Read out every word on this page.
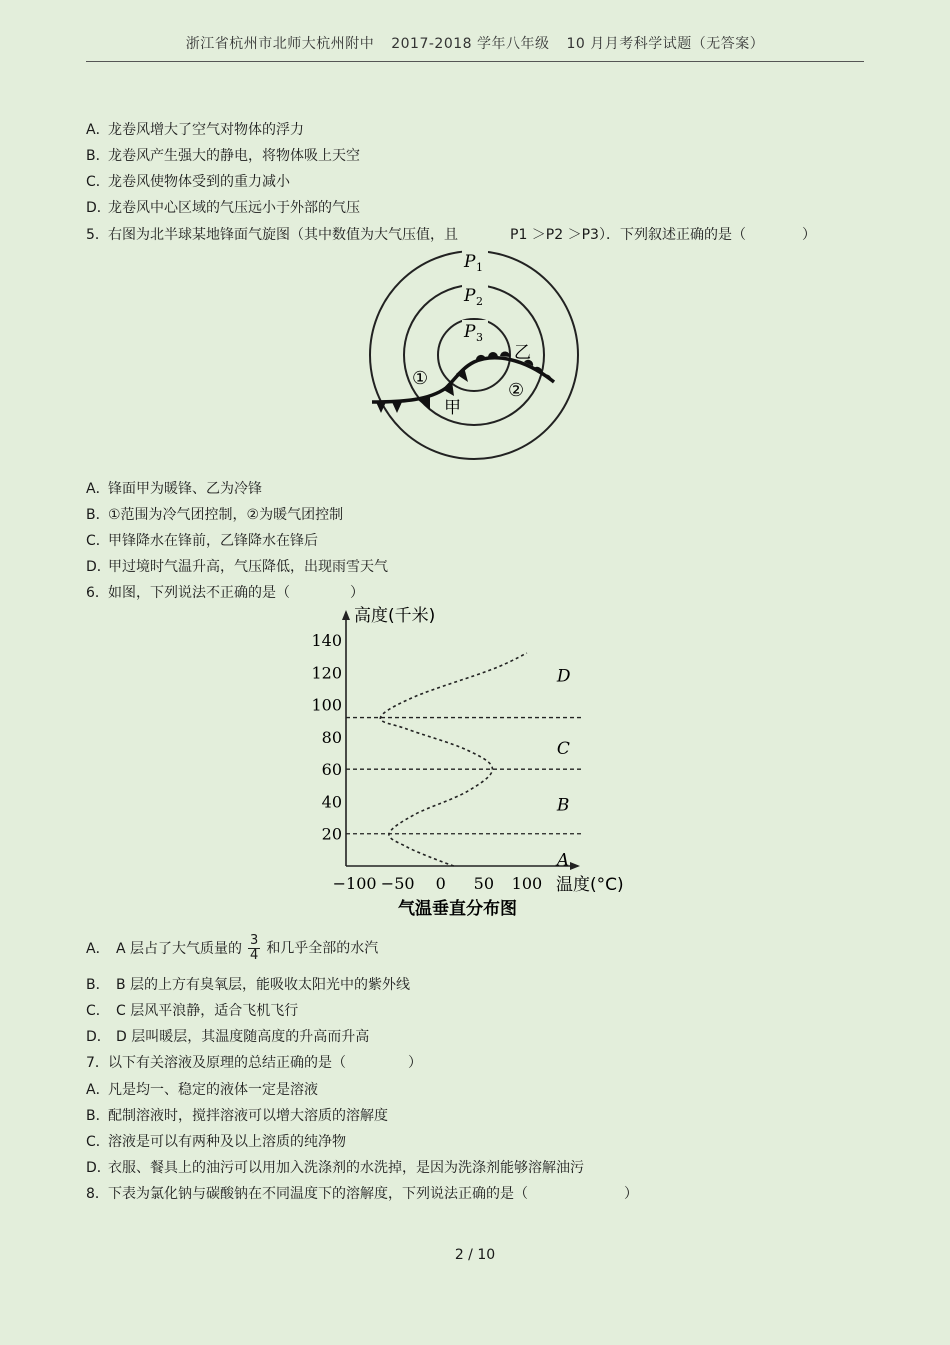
浙江省杭州市北师大杭州附中 2017-2018 学年八年级 10 月月考科学试题（无答案）
A．龙卷风增大了空气对物体的浮力
B．龙卷风产生强大的静电，将物体吸上天空
C．龙卷风使物体受到的重力减小
D．龙卷风中心区域的气压远小于外部的气压
5．右图为北半球某地锋面气旋图（其中数值为大气压值，且	P1 ＞P2 ＞P3）．下列叙述正确的是（	）
P 1
P 2
P 3
甲
乙
①
②
A．锋面甲为暖锋、乙为冷锋
B．①范围为冷气团控制，②为暖气团控制
C．甲锋降水在锋前，乙锋降水在锋后
D．甲过境时气温升高，气压降低，出现雨雪天气
6．如图，下列说法不正确的是（	）
20
40
60
80
100
120
140
−100 −50 0 50 100
A
B
C
D
高度(千米)
温度(°C)
气温垂直分布图
A． A 层占了大气质量的 $\frac{3}{4}$ 和几乎全部的水汽
B． B 层的上方有臭氧层，能吸收太阳光中的紫外线
C． C 层风平浪静，适合飞机飞行
D． D 层叫暖层，其温度随高度的升高而升高
7．以下有关溶液及原理的总结正确的是（	）
A．凡是均一、稳定的液体一定是溶液
B．配制溶液时，搅拌溶液可以增大溶质的溶解度
C．溶液是可以有两种及以上溶质的纯净物
D．衣服、餐具上的油污可以用加入洗涤剂的水洗掉，是因为洗涤剂能够溶解油污
8．下表为氯化钠与碳酸钠在不同温度下的溶解度，下列说法正确的是（	）
2 / 10
